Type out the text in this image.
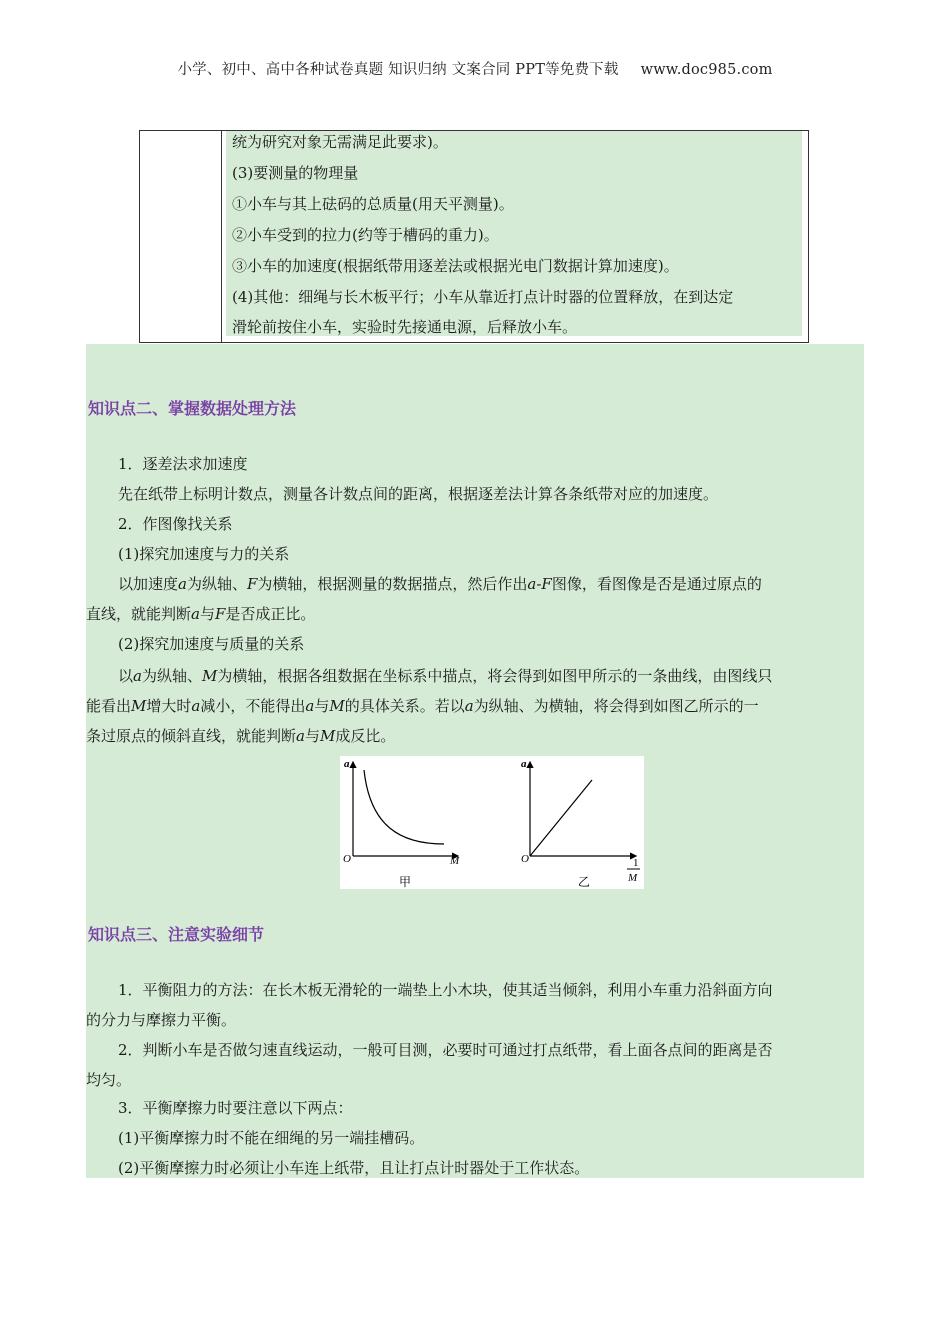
小学、初中、高中各种试卷真题 知识归纳 文案合同 PPT等免费下载 www.doc985.com
统为研究对象无需满足此要求)。
(3)要测量的物理量
①小车与其上砝码的总质量(用天平测量)。
②小车受到的拉力(约等于槽码的重力)。
③小车的加速度(根据纸带用逐差法或根据光电门数据计算加速度)。
(4)其他：细绳与长木板平行；小车从靠近打点计时器的位置释放，在到达定
滑轮前按住小车，实验时先接通电源，后释放小车。
知识点二、掌握数据处理方法
1．逐差法求加速度
先在纸带上标明计数点，测量各计数点间的距离，根据逐差法计算各条纸带对应的加速度。
2．作图像找关系
(1)探究加速度与力的关系
以加速度a为纵轴、F为横轴，根据测量的数据描点，然后作出a-F图像，看图像是否是通过原点的
直线，就能判断a与F是否成正比。
(2)探究加速度与质量的关系
以a为纵轴、M为横轴，根据各组数据在坐标系中描点，将会得到如图甲所示的一条曲线，由图线只
能看出M增大时a减小，不能得出a与M的具体关系。若以a为纵轴、为横轴，将会得到如图乙所示的一
条过原点的倾斜直线，就能判断a与M成反比。
a
O	M
甲
a
O	1
M
乙
知识点三、注意实验细节
1．平衡阻力的方法：在长木板无滑轮的一端垫上小木块，使其适当倾斜，利用小车重力沿斜面方向
的分力与摩擦力平衡。
2．判断小车是否做匀速直线运动，一般可目测，必要时可通过打点纸带，看上面各点间的距离是否
均匀。
3．平衡摩擦力时要注意以下两点：
(1)平衡摩擦力时不能在细绳的另一端挂槽码。
(2)平衡摩擦力时必须让小车连上纸带，且让打点计时器处于工作状态。
